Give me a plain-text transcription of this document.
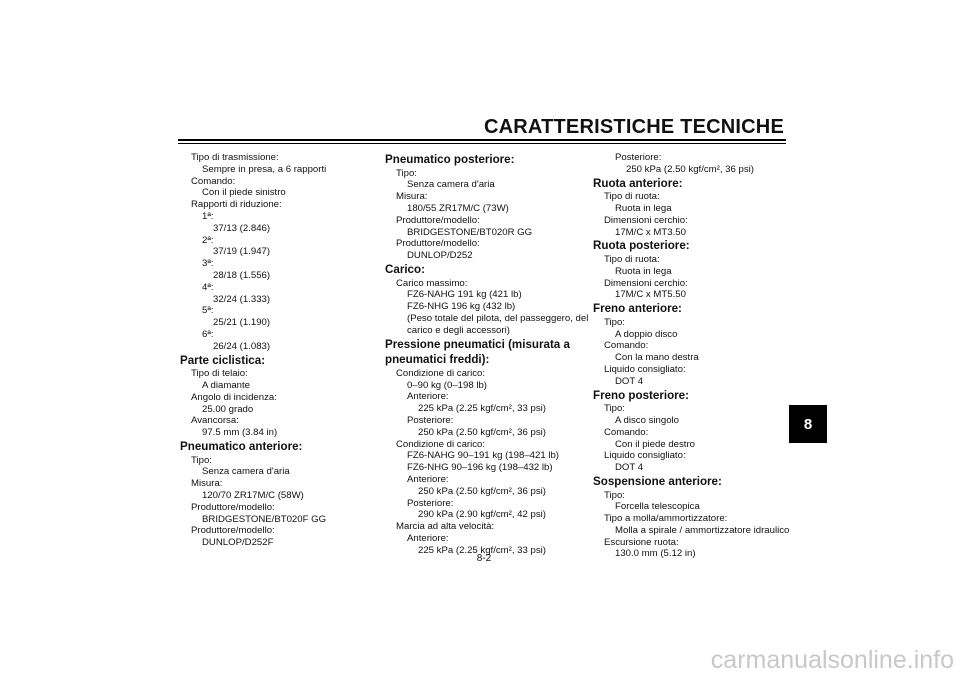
CARATTERISTICHE TECNICHE
8
Tipo di trasmissione:
Sempre in presa, a 6 rapporti
Comando:
Con il piede sinistro
Rapporti di riduzione:
1ª:
37/13 (2.846)
2ª:
37/19 (1.947)
3ª:
28/18 (1.556)
4ª:
32/24 (1.333)
5ª:
25/21 (1.190)
6ª:
26/24 (1.083)
Parte ciclistica:
Tipo di telaio:
A diamante
Angolo di incidenza:
25.00 grado
Avancorsa:
97.5 mm (3.84 in)
Pneumatico anteriore:
Tipo:
Senza camera d'aria
Misura:
120/70 ZR17M/C (58W)
Produttore/modello:
BRIDGESTONE/BT020F GG
Produttore/modello:
DUNLOP/D252F
Pneumatico posteriore:
Tipo:
Senza camera d'aria
Misura:
180/55 ZR17M/C (73W)
Produttore/modello:
BRIDGESTONE/BT020R GG
Produttore/modello:
DUNLOP/D252
Carico:
Carico massimo:
FZ6-NAHG 191 kg (421 lb)
FZ6-NHG 196 kg (432 lb)
(Peso totale del pilota, del passeggero, del
carico e degli accessori)
Pressione pneumatici (misurata a
pneumatici freddi):
Condizione di carico:
0–90 kg (0–198 lb)
Anteriore:
225 kPa (2.25 kgf/cm², 33 psi)
Posteriore:
250 kPa (2.50 kgf/cm², 36 psi)
Condizione di carico:
FZ6-NAHG 90–191 kg (198–421 lb)
FZ6-NHG 90–196 kg (198–432 lb)
Anteriore:
250 kPa (2.50 kgf/cm², 36 psi)
Posteriore:
290 kPa (2.90 kgf/cm², 42 psi)
Marcia ad alta velocità:
Anteriore:
225 kPa (2.25 kgf/cm², 33 psi)
Posteriore:
250 kPa (2.50 kgf/cm², 36 psi)
Ruota anteriore:
Tipo di ruota:
Ruota in lega
Dimensioni cerchio:
17M/C x MT3.50
Ruota posteriore:
Tipo di ruota:
Ruota in lega
Dimensioni cerchio:
17M/C x MT5.50
Freno anteriore:
Tipo:
A doppio disco
Comando:
Con la mano destra
Liquido consigliato:
DOT 4
Freno posteriore:
Tipo:
A disco singolo
Comando:
Con il piede destro
Liquido consigliato:
DOT 4
Sospensione anteriore:
Tipo:
Forcella telescopica
Tipo a molla/ammortizzatore:
Molla a spirale / ammortizzatore idraulico
Escursione ruota:
130.0 mm (5.12 in)
8-2
carmanualsonline.info
